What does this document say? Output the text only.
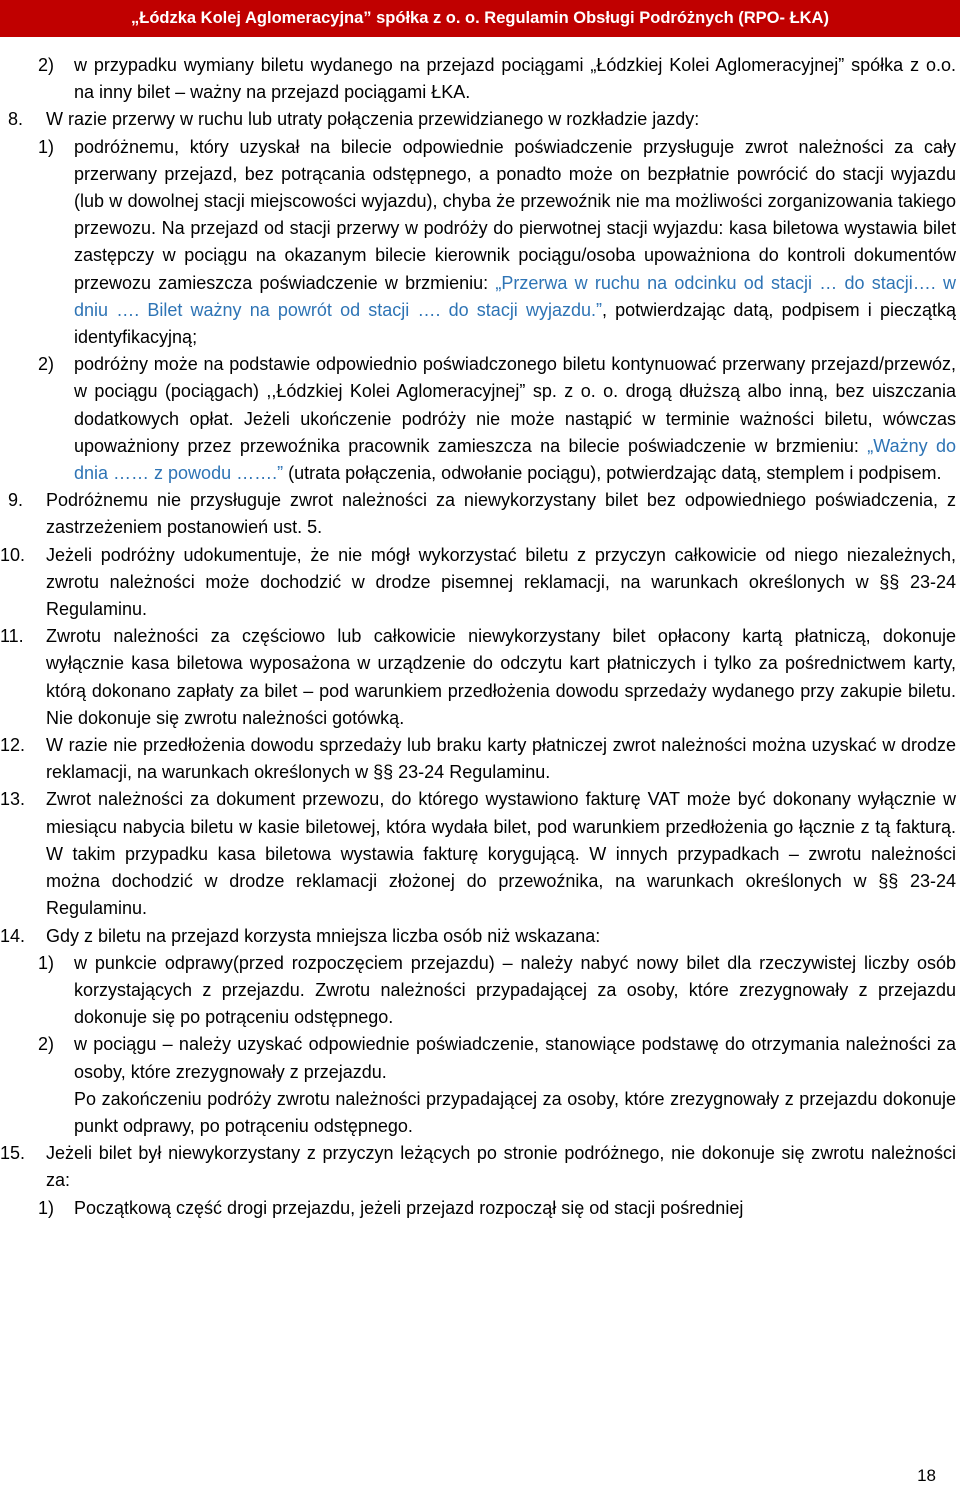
„Łódzka Kolej Aglomeracyjna” spółka z o. o. Regulamin Obsługi Podróżnych (RPO- ŁKA)

2) w przypadku wymiany biletu wydanego na przejazd pociągami „Łódzkiej Kolei Aglomeracyjnej” spółka z o.o. na inny bilet – ważny na przejazd pociągami ŁKA.

8. W razie przerwy w ruchu lub utraty połączenia przewidzianego w rozkładzie jazdy:

1) podróżnemu, który uzyskał na bilecie odpowiednie poświadczenie przysługuje zwrot należności za cały przerwany przejazd, bez potrącania odstępnego, a ponadto może on bezpłatnie powrócić do stacji wyjazdu (lub w dowolnej stacji miejscowości wyjazdu), chyba że przewoźnik nie ma możliwości zorganizowania takiego przewozu. Na przejazd od stacji przerwy w podróży do pierwotnej stacji wyjazdu: kasa biletowa wystawia bilet zastępczy w pociągu na okazanym bilecie kierownik pociągu/osoba upoważniona do kontroli dokumentów przewozu zamieszcza poświadczenie w brzmieniu: „Przerwa w ruchu na odcinku od stacji … do stacji…. w dniu …. Bilet ważny na powrót od stacji …. do stacji wyjazdu.”, potwierdzając datą, podpisem i pieczątką identyfikacyjną;

2) podróżny może na podstawie odpowiednio poświadczonego biletu kontynuować przerwany przejazd/przewóz, w pociągu (pociągach) ,,Łódzkiej Kolei Aglomeracyjnej” sp. z o. o. drogą dłuższą albo inną, bez uiszczania dodatkowych opłat. Jeżeli ukończenie podróży nie może nastąpić w terminie ważności biletu, wówczas upoważniony przez przewoźnika pracownik zamieszcza na bilecie poświadczenie w brzmieniu: „Ważny do dnia …… z powodu …….” (utrata połączenia, odwołanie pociągu), potwierdzając datą, stemplem i podpisem.

9. Podróżnemu nie przysługuje zwrot należności za niewykorzystany bilet bez odpowiedniego poświadczenia, z zastrzeżeniem postanowień ust. 5.

10. Jeżeli podróżny udokumentuje, że nie mógł wykorzystać biletu z przyczyn całkowicie od niego niezależnych, zwrotu należności może dochodzić w drodze pisemnej reklamacji, na warunkach określonych w §§ 23-24 Regulaminu.

11. Zwrotu należności za częściowo lub całkowicie niewykorzystany bilet opłacony kartą płatniczą, dokonuje wyłącznie kasa biletowa wyposażona w urządzenie do odczytu kart płatniczych i tylko za pośrednictwem karty, którą dokonano zapłaty za bilet – pod warunkiem przedłożenia dowodu sprzedaży wydanego przy zakupie biletu. Nie dokonuje się zwrotu należności gotówką.

12. W razie nie przedłożenia dowodu sprzedaży lub braku karty płatniczej zwrot należności można uzyskać w drodze reklamacji, na warunkach określonych w §§ 23-24 Regulaminu.

13. Zwrot należności za dokument przewozu, do którego wystawiono fakturę VAT może być dokonany wyłącznie w miesiącu nabycia biletu w kasie biletowej, która wydała bilet, pod warunkiem przedłożenia go łącznie z tą fakturą. W takim przypadku kasa biletowa wystawia fakturę korygującą. W innych przypadkach – zwrotu należności można dochodzić w drodze reklamacji złożonej do przewoźnika, na warunkach określonych w §§ 23-24 Regulaminu.

14. Gdy z biletu na przejazd korzysta mniejsza liczba osób niż wskazana:

1) w punkcie odprawy(przed rozpoczęciem przejazdu) – należy nabyć nowy bilet dla rzeczywistej liczby osób korzystających z przejazdu. Zwrotu należności przypadającej za osoby, które zrezygnowały z przejazdu dokonuje się po potrąceniu odstępnego.

2) w pociągu – należy uzyskać odpowiednie poświadczenie, stanowiące podstawę do otrzymania należności za osoby, które zrezygnowały z przejazdu.

Po zakończeniu podróży zwrotu należności przypadającej za osoby, które zrezygnowały z przejazdu dokonuje punkt odprawy, po potrąceniu odstępnego.

15. Jeżeli bilet był niewykorzystany z przyczyn leżących po stronie podróżnego, nie dokonuje się zwrotu należności za:

1) Początkową część drogi przejazdu, jeżeli przejazd rozpoczął się od stacji pośredniej

18
